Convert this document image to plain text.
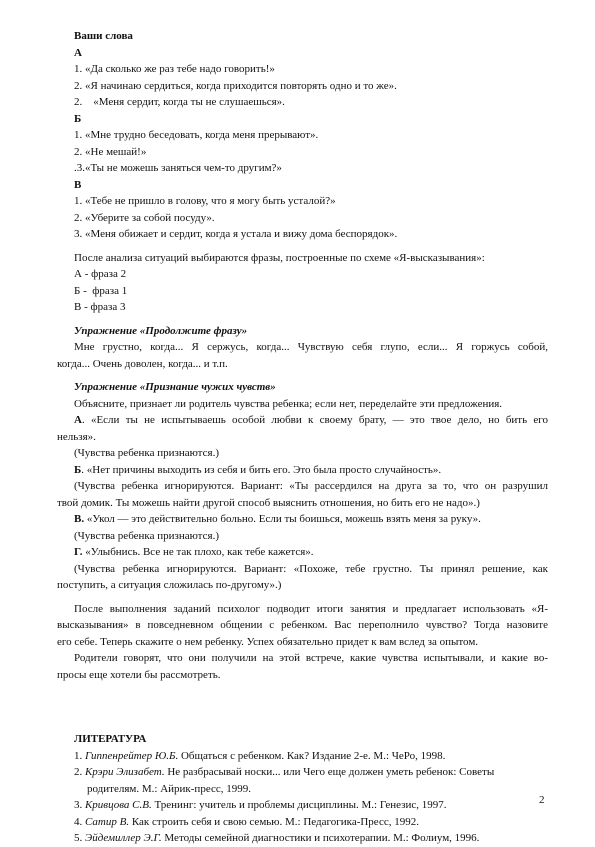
Ваши слова
А
1. «Да сколько же раз тебе надо говорить!»
2. «Я начинаю сердиться, когда приходится повторять одно и то же».
2.    «Меня сердит, когда ты не слушаешься».
Б
1. «Мне трудно беседовать, когда меня прерывают».
2. «Не мешай!»
.3.«Ты не можешь заняться чем-то другим?»
В
1. «Тебе не пришло в голову, что я могу быть усталой?»
2. «Уберите за собой посуду».
3. «Меня обижает и сердит, когда я устала и вижу дома беспорядок».
После анализа ситуаций выбираются фразы, построенные по схеме «Я-высказывания»:
А - фраза 2
Б -  фраза 1
В - фраза 3
Упражнение «Продолжите фразу»
Мне грустно, когда... Я сержусь, когда... Чувствую себя глупо, если... Я горжусь собой,
когда... Очень доволен, когда... и т.п.
Упражнение «Признание чужих чувств»
Объясните, признает ли родитель чувства ребенка; если нет, переделайте эти предложения.
А. «Если ты не испытываешь особой любви к своему брату, — это твое дело, но бить его
нельзя».
(Чувства ребенка признаются.)
Б. «Нет причины выходить из себя и бить его. Это была просто случайность».
(Чувства ребенка игнорируются. Вариант: «Ты рассердился на друга за то, что он разрушил
твой домик. Ты можешь найти другой способ выяснить отношения, но бить его не надо».)
В. «Укол — это действительно больно. Если ты боишься, можешь взять меня за руку».
(Чувства ребенка признаются.)
Г. «Улыбнись. Все не так плохо, как тебе кажется».
(Чувства ребенка игнорируются. Вариант: «Похоже, тебе грустно. Ты принял решение, как
поступить, а ситуация сложилась по-другому».)
После выполнения заданий психолог подводит итоги занятия и предлагает использовать «Я-
высказывания» в повседневном общении с ребенком. Вас переполнило чувство? Тогда назовите
его себе. Теперь скажите о нем ребенку. Успех обязательно придет к вам вслед за опытом.
Родители говорят, что они получили на этой встрече, какие чувства испытывали, и какие во-
просы еще хотели бы рассмотреть.
ЛИТЕРАТУРА
1. Гиппенрейтер Ю.Б. Общаться с ребенком. Как? Издание 2-е. М.: ЧеРо, 1998.
2. Крэри Элизабет. Не разбрасывай носки... или Чего еще должен уметь ребенок: Советы
родителям. М.: Айрик-пресс, 1999.
3. Кривцова С.В. Тренинг: учитель и проблемы дисциплины. М.: Генезис, 1997.
4. Сатир В. Как строить себя и свою семью. М.: Педагогика-Пресс, 1992.
5. Эйдемиллер Э.Г. Методы семейной диагностики и психотерапии. М.: Фолиум, 1996.
2
